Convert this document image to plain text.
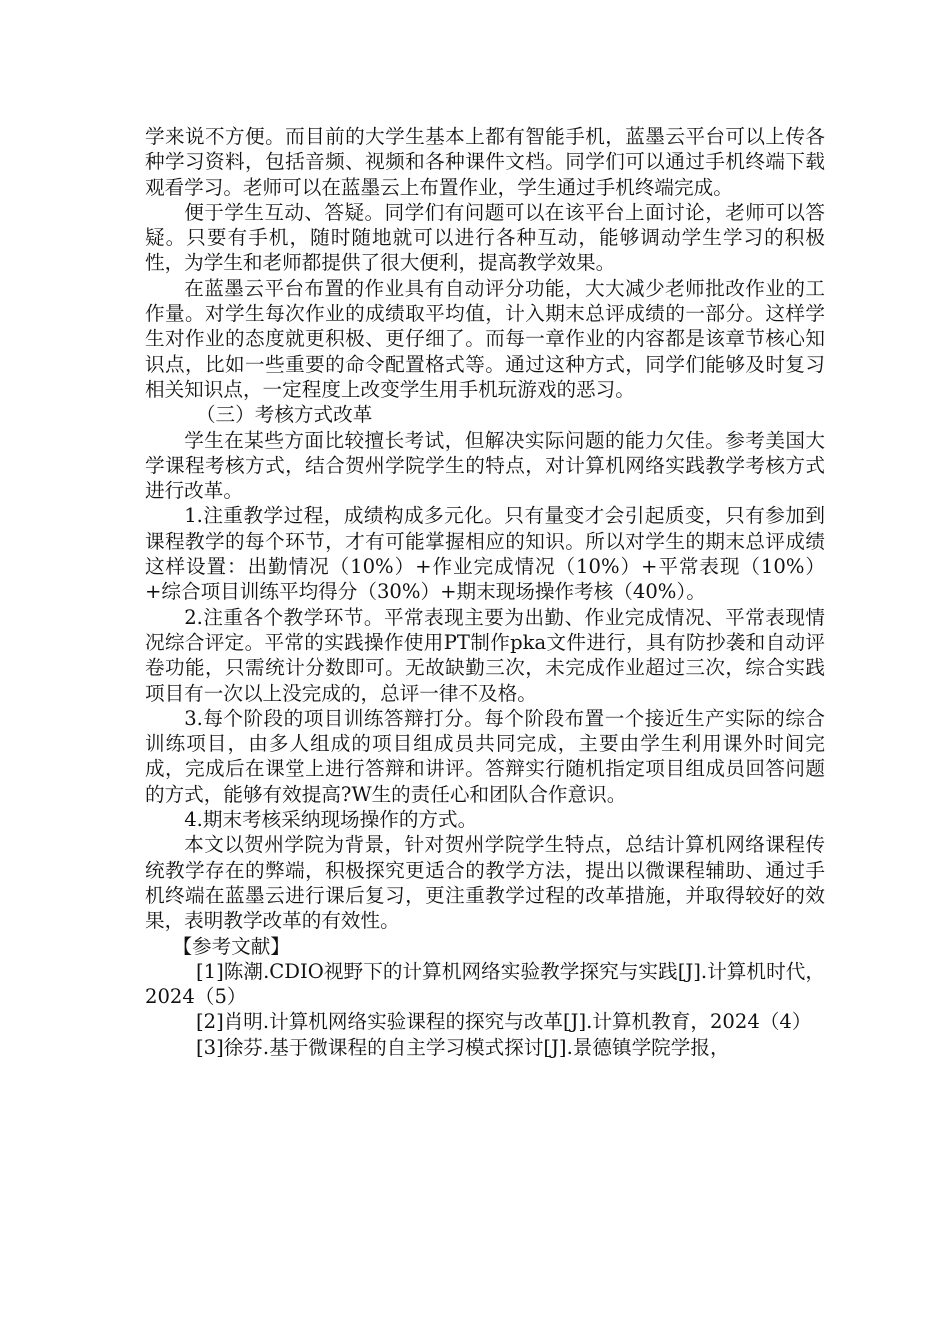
学来说不方便。而目前的大学生基本上都有智能手机，蓝墨云平台可以上传各种学习资料，包括音频、视频和各种课件文档。同学们可以通过手机终端下载观看学习。老师可以在蓝墨云上布置作业，学生通过手机终端完成。

便于学生互动、答疑。同学们有问题可以在该平台上面讨论，老师可以答疑。只要有手机，随时随地就可以进行各种互动，能够调动学生学习的积极性，为学生和老师都提供了很大便利，提高教学效果。

在蓝墨云平台布置的作业具有自动评分功能，大大减少老师批改作业的工作量。对学生每次作业的成绩取平均值，计入期末总评成绩的一部分。这样学生对作业的态度就更积极、更仔细了。而每一章作业的内容都是该章节核心知识点，比如一些重要的命令配置格式等。通过这种方式，同学们能够及时复习相关知识点，一定程度上改变学生用手机玩游戏的恶习。

（三）考核方式改革

学生在某些方面比较擅长考试，但解决实际问题的能力欠佳。参考美国大学课程考核方式，结合贺州学院学生的特点，对计算机网络实践教学考核方式进行改革。

1.注重教学过程，成绩构成多元化。只有量变才会引起质变，只有参加到课程教学的每个环节，才有可能掌握相应的知识。所以对学生的期末总评成绩这样设置：出勤情况（10%）+作业完成情况（10%）+平常表现（10%）+综合项目训练平均得分（30%）+期末现场操作考核（40%）。

2.注重各个教学环节。平常表现主要为出勤、作业完成情况、平常表现情况综合评定。平常的实践操作使用PT制作pka文件进行，具有防抄袭和自动评卷功能，只需统计分数即可。无故缺勤三次，未完成作业超过三次，综合实践项目有一次以上没完成的，总评一律不及格。

3.每个阶段的项目训练答辩打分。每个阶段布置一个接近生产实际的综合训练项目，由多人组成的项目组成员共同完成，主要由学生利用课外时间完成，完成后在课堂上进行答辩和讲评。答辩实行随机指定项目组成员回答问题的方式，能够有效提高?W生的责任心和团队合作意识。

4.期末考核采纳现场操作的方式。

本文以贺州学院为背景，针对贺州学院学生特点，总结计算机网络课程传统教学存在的弊端，积极探究更适合的教学方法，提出以微课程辅助、通过手机终端在蓝墨云进行课后复习，更注重教学过程的改革措施，并取得较好的效果，表明教学改革的有效性。

【参考文献】

[1]陈潮.CDIO视野下的计算机网络实验教学探究与实践[J].计算机时代，2024（5）

[2]肖明.计算机网络实验课程的探究与改革[J].计算机教育，2024（4）

[3]徐芬.基于微课程的自主学习模式探讨[J].景德镇学院学报，
